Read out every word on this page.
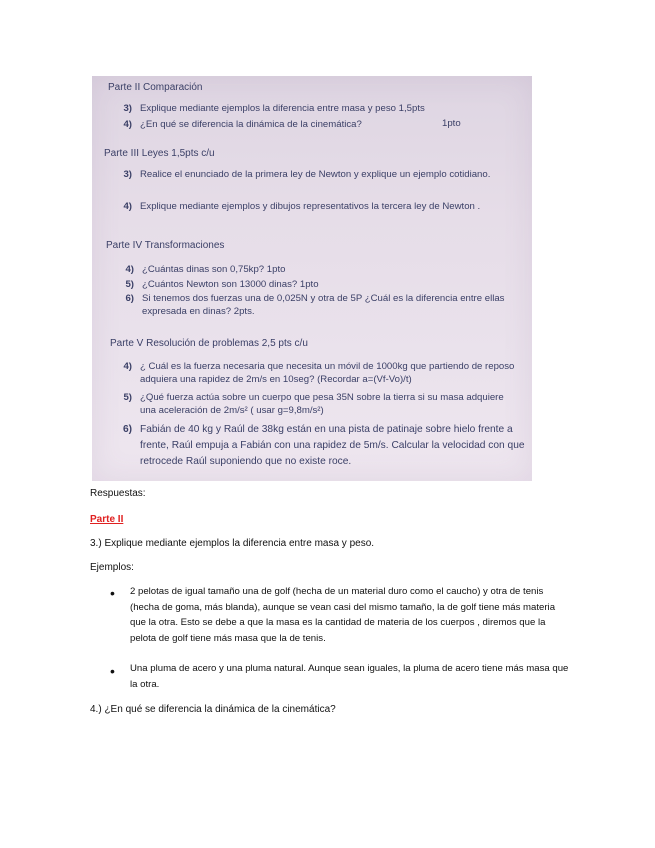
Parte II Comparación
3) Explique mediante ejemplos la diferencia entre masa y peso 1,5pts
4) ¿En qué se diferencia la dinámica de la cinemática?	1pto
Parte III Leyes 1,5pts c/u
3) Realice el enunciado de la primera ley de Newton y explique un ejemplo cotidiano.
4) Explique mediante ejemplos y dibujos representativos la tercera ley de Newton .
Parte IV Transformaciones
4) ¿Cuántas dinas son 0,75kp? 1pto
5) ¿Cuántos Newton son 13000 dinas? 1pto
6) Si tenemos dos fuerzas una de 0,025N y otra de 5P ¿Cuál es la diferencia entre ellas expresada en dinas? 2pts.
Parte V Resolución de problemas 2,5 pts c/u
4) ¿ Cuál es la fuerza necesaria que necesita un móvil de 1000kg que partiendo de reposo adquiera una rapidez de 2m/s en 10seg? (Recordar a=(Vf-Vo)/t)
5) ¿Qué fuerza actúa sobre un cuerpo que pesa 35N sobre la tierra si su masa adquiere una aceleración de 2m/s² ( usar g=9,8m/s²)
6) Fabián de 40 kg y Raúl de 38kg están en una pista de patinaje sobre hielo frente a frente, Raúl empuja a Fabián con una rapidez de 5m/s. Calcular la velocidad con que retrocede Raúl suponiendo que no existe roce.
Respuestas:
Parte II
3.) Explique mediante ejemplos la diferencia entre masa y peso.
Ejemplos:
• 2 pelotas de igual tamaño una de golf (hecha de un material duro como el caucho) y otra de tenis (hecha de goma, más blanda), aunque se vean casi del mismo tamaño, la de golf tiene más materia que la otra. Esto se debe a que la masa es la cantidad de materia de los cuerpos , diremos que la pelota de golf tiene más masa que la de tenis.
• Una pluma de acero y una pluma natural. Aunque sean iguales, la pluma de acero tiene más masa que la otra.
4.) ¿En qué se diferencia la dinámica de la cinemática?
